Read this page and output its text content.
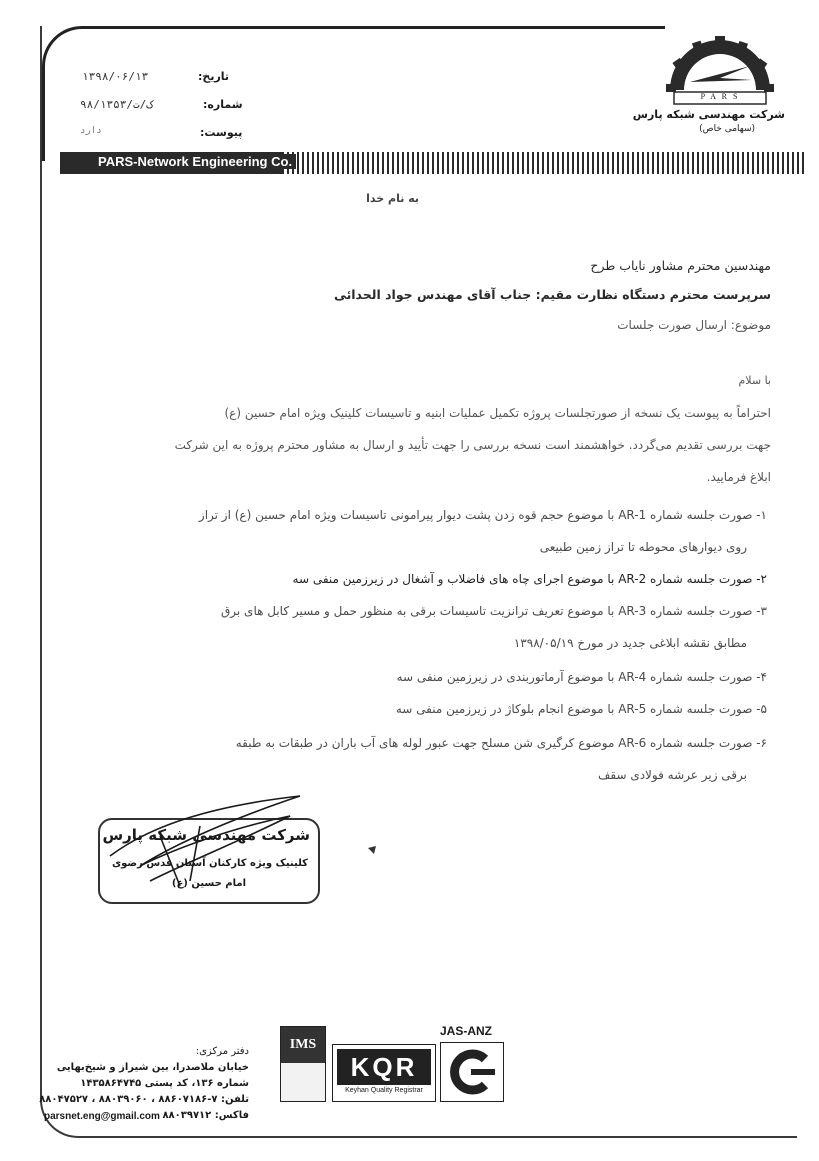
PARS-Network Engineering Co.
تاریخ:
۱۳۹۸/۰۶/۱۳
شماره:
۹۸/ک/ت/۱۳۵۳
پیوست:
دارد
P A R S
شرکت مهندسی شبکه پارس
(سهامی خاص)
به نام خدا
مهندسین محترم مشاور نایاب طرح
سرپرست محترم دستگاه نظارت مقیم: جناب آقای مهندس جواد الحدائی
موضوع: ارسال صورت جلسات
با سلام
احتراماً به پیوست یک نسخه از صورتجلسات پروژه تکمیل عملیات ابنیه و تاسیسات کلینیک ویژه امام حسین (ع)
جهت بررسی تقدیم می‌گردد. خواهشمند است نسخه بررسی را جهت تأیید و ارسال به مشاور محترم پروژه به این شرکت
ابلاغ فرمایید.
۱- صورت جلسه شماره AR-1 با موضوع حجم قوه زدن پشت دیوار پیرامونی تاسیسات ویژه امام حسین (ع) از تراز
روی دیوارهای محوطه تا تراز زمین طبیعی
۲- صورت جلسه شماره AR-2 با موضوع اجرای چاه های فاضلاب و آشغال در زیرزمین منفی سه
۳- صورت جلسه شماره AR-3 با موضوع تعریف ترانزیت تاسیسات برقی به منظور حمل و مسیر کابل های برق
مطابق نقشه ابلاغی جدید در مورخ ۱۳۹۸/۰۵/۱۹
۴- صورت جلسه شماره AR-4 با موضوع آرماتوربندی در زیرزمین منفی سه
۵- صورت جلسه شماره AR-5 با موضوع انجام بلوکاژ در زیرزمین منفی سه
۶- صورت جلسه شماره AR-6 موضوع کرگیری شن مسلح جهت عبور لوله های آب باران در طبقات به طبقه
برقی زیر عرشه فولادی سقف
شرکت مهندسی شبکه پارس
کلینیک ویژه کارکنان آستان قدس رضوی
امام حسین (ع)
IMS
KQR
Keyhan Quality Registrar
JAS-ANZ
دفتر مرکزی:
خیابان ملاصدرا، بین شیراز و شیخ‌بهایی
شماره ۱۳۶، کد پستی ۱۴۳۵۸۶۴۷۴۵
تلفن: ۷-۸۸۶۰۷۱۸۶ ، ۸۸۰۳۹۰۶۰ ، ۸۸۰۴۷۵۲۷
فاکس: ۸۸۰۳۹۷۱۲
parsnet.eng@gmail.com
